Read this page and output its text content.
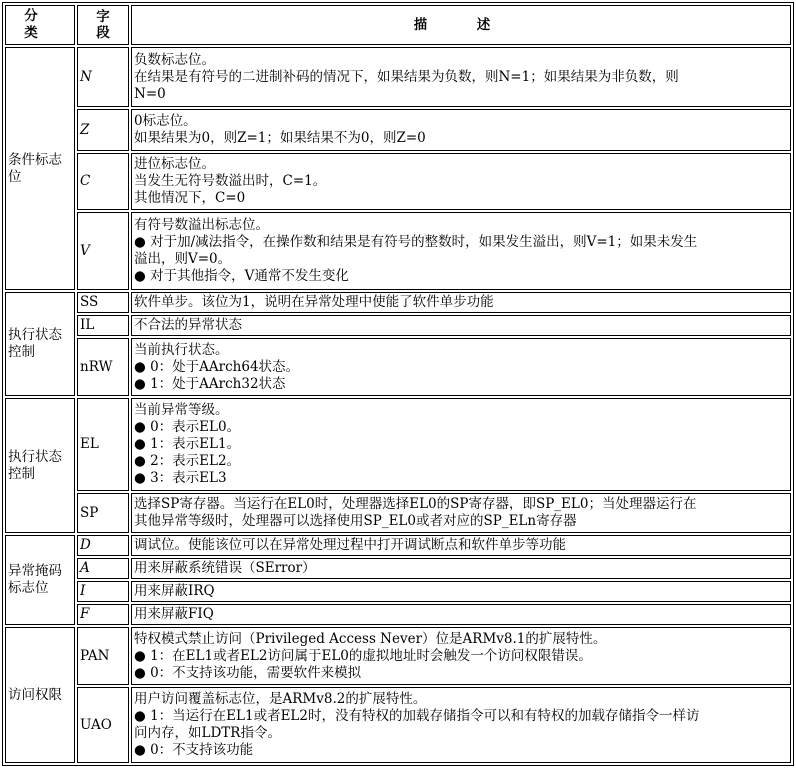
分　类	字
段	描　述
条件标志位	N	负数标志位。
在结果是有符号的二进制补码的情况下，如果结果为负数，则N=1；如果结果为非负数，则
N=0

	Z	0标志位。
如果结果为0，则Z=1；如果结果不为0，则Z=0

	C	进位标志位。
当发生无符号数溢出时，C=1。
其他情况下，C=0

	V	有符号数溢出标志位。
● 对于加/减法指令，在操作数和结果是有符号的整数时，如果发生溢出，则V=1；如果未发生
溢出，则V=0。
● 对于其他指令，V通常不发生变化

执行状态控制	SS	软件单步。该位为1，说明在异常处理中使能了软件单步功能

	IL	不合法的异常状态

	nRW	当前执行状态。
● 0：处于AArch64状态。
● 1：处于AArch32状态

执行状态控制	EL	当前异常等级。
● 0：表示EL0。
● 1：表示EL1。
● 2：表示EL2。
● 3：表示EL3

	SP	选择SP寄存器。当运行在EL0时，处理器选择EL0的SP寄存器，即SP_EL0；当处理器运行在
其他异常等级时，处理器可以选择使用SP_EL0或者对应的SP_ELn寄存器

异常掩码标志位	D	调试位。使能该位可以在异常处理过程中打开调试断点和软件单步等功能

	A	用来屏蔽系统错误（SError）

	I	用来屏蔽IRQ

	F	用来屏蔽FIQ

访问权限	PAN	特权模式禁止访问（Privileged Access Never）位是ARMv8.1的扩展特性。
● 1：在EL1或者EL2访问属于EL0的虚拟地址时会触发一个访问权限错误。
● 0：不支持该功能，需要软件来模拟

	UAO	用户访问覆盖标志位，是ARMv8.2的扩展特性。
● 1：当运行在EL1或者EL2时，没有特权的加载存储指令可以和有特权的加载存储指令一样访
问内存，如LDTR指令。
● 0：不支持该功能
